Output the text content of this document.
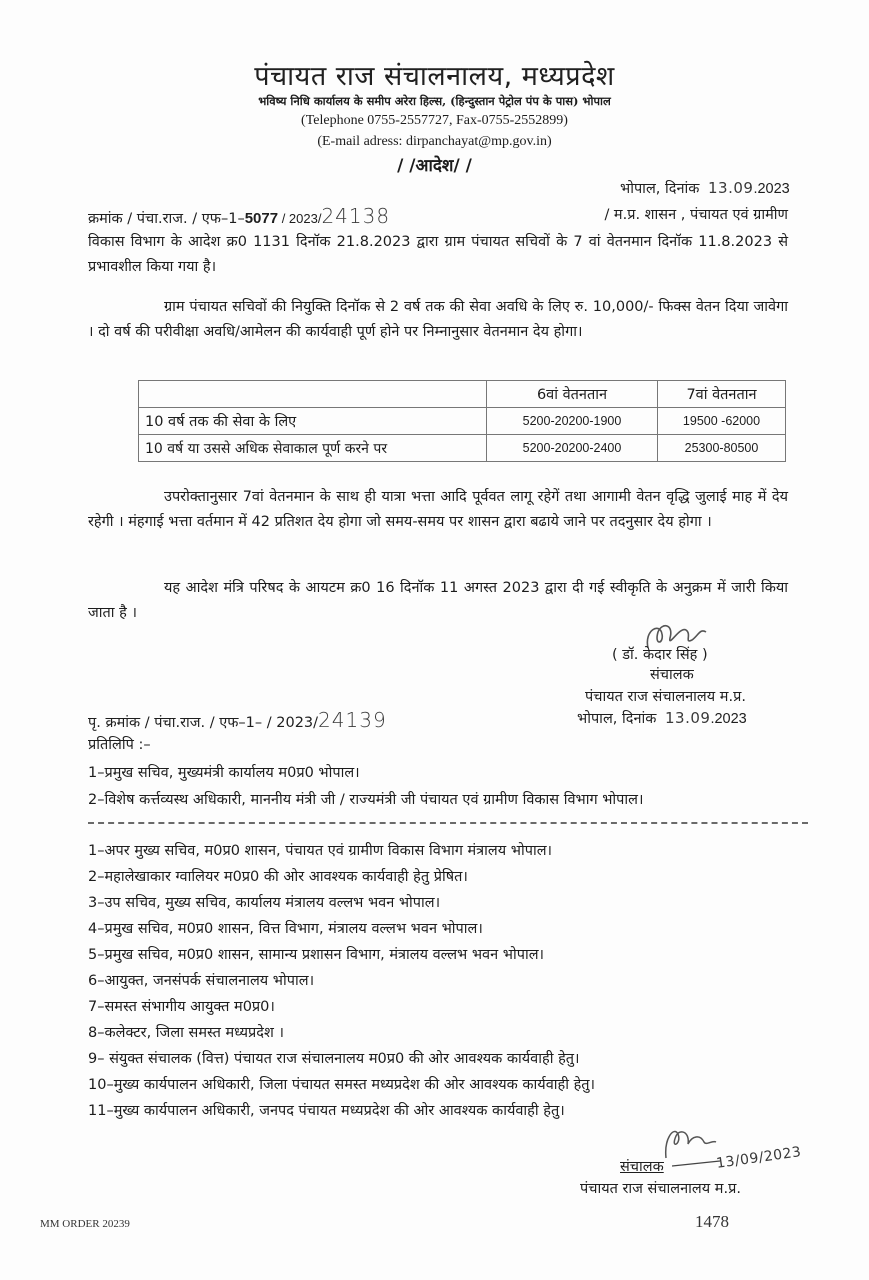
पंचायत राज संचालनालय, मध्यप्रदेश
भविष्य निधि कार्यालय के समीप अरेरा हिल्स, (हिन्दुस्तान पेट्रोल पंप के पास) भोपाल
(Telephone 0755-2557727, Fax-0755-2552899)
(E-mail adress: dirpanchayat@mp.gov.in)
/ /आदेश/ /
भोपाल, दिनांक 13.09.2023
क्रमांक / पंचा.राज. / एफ–1–5077 / 2023/24138	/ म.प्र. शासन , पंचायत एवं ग्रामीण
विकास विभाग के आदेश क्र0 1131 दिनॉक 21.8.2023 द्वारा ग्राम पंचायत सचिवों के 7 वां वेतनमान दिनॉक 11.8.2023 से प्रभावशील किया गया है।
ग्राम पंचायत सचिवों की नियुक्ति दिनॉक से 2 वर्ष तक की सेवा अवधि के लिए रु. 10,000/- फिक्स वेतन दिया जावेगा । दो वर्ष की परीवीक्षा अवधि/आमेलन की कार्यवाही पूर्ण होने पर निम्नानुसार वेतनमान देय होगा।
	6वां वेतनतान	7वां वेतनतान
10 वर्ष तक की सेवा के लिए	5200-20200-1900	19500 -62000
10 वर्ष या उससे अधिक सेवाकाल पूर्ण करने पर	5200-20200-2400	25300-80500
उपरोक्तानुसार 7वां वेतनमान के साथ ही यात्रा भत्ता आदि पूर्ववत लागू रहेगें तथा आगामी वेतन वृद्धि जुलाई माह में देय रहेगी । मंहगाई भत्ता वर्तमान में 42 प्रतिशत देय होगा जो समय-समय पर शासन द्वारा बढाये जाने पर तदनुसार देय होगा ।
यह आदेश मंत्रि परिषद के आयटम क्र0 16 दिनॉक 11 अगस्त 2023 द्वारा दी गई स्वीकृति के अनुक्रम में जारी किया जाता है ।
( डॉ. केदार सिंह )
संचालक
पंचायत राज संचालनालय म.प्र.
भोपाल, दिनांक 13.09.2023
पृ. क्रमांक / पंचा.राज. / एफ–1– / 2023/24139
प्रतिलिपि :–
1–प्रमुख सचिव, मुख्यमंत्री कार्यालय म0प्र0 भोपाल।
2–विशेष कर्त्तव्यस्थ अधिकारी, माननीय मंत्री जी / राज्यमंत्री जी पंचायत एवं ग्रामीण विकास विभाग भोपाल।
1–अपर मुख्य सचिव, म0प्र0 शासन, पंचायत एवं ग्रामीण विकास विभाग मंत्रालय भोपाल।
2–महालेखाकार ग्वालियर म0प्र0 की ओर आवश्यक कार्यवाही हेतु प्रेषित।
3–उप सचिव, मुख्य सचिव, कार्यालय मंत्रालय वल्लभ भवन भोपाल।
4–प्रमुख सचिव, म0प्र0 शासन, वित्त विभाग, मंत्रालय वल्लभ भवन भोपाल।
5–प्रमुख सचिव, म0प्र0 शासन, सामान्य प्रशासन विभाग, मंत्रालय वल्लभ भवन भोपाल।
6–आयुक्त, जनसंपर्क संचालनालय भोपाल।
7–समस्त संभागीय आयुक्त म0प्र0।
8–कलेक्टर, जिला समस्त मध्यप्रदेश ।
9– संयुक्त संचालक (वित्त) पंचायत राज संचालनालय म0प्र0 की ओर आवश्यक कार्यवाही हेतु।
10–मुख्य कार्यपालन अधिकारी, जिला पंचायत समस्त मध्यप्रदेश की ओर आवश्यक कार्यवाही हेतु।
11–मुख्य कार्यपालन अधिकारी, जनपद पंचायत मध्यप्रदेश की ओर आवश्यक कार्यवाही हेतु।
संचालक	13/09/2023
पंचायत राज संचालनालय म.प्र.
MM ORDER 20239	1478
